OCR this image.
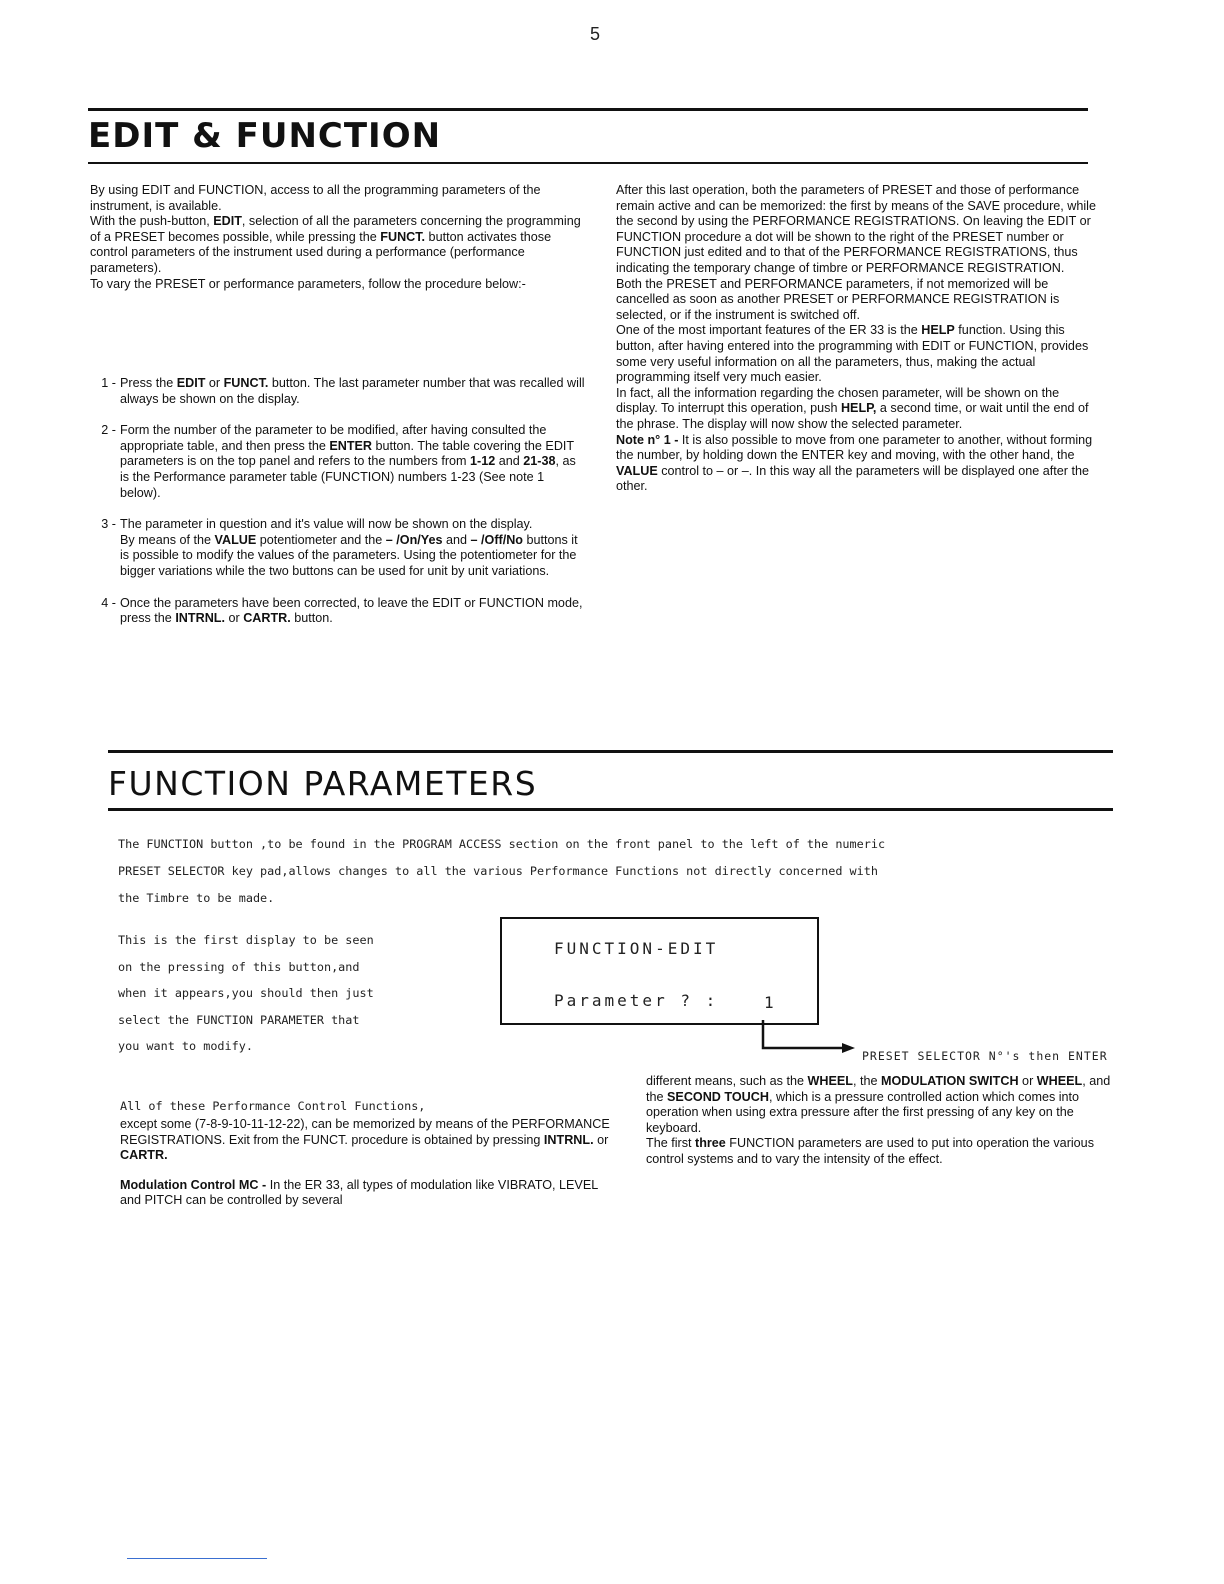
5
EDIT & FUNCTION

By using EDIT and FUNCTION, access to all the programming parameters of the instrument, is available.

With the push-button, EDIT, selection of all the parameters concerning the programming of a PRESET becomes possible, while pressing the FUNCT. button activates those control parameters of the instrument used during a performance (performance parameters).

To vary the PRESET or performance parameters, follow the procedure below:-

1 - Press the EDIT or FUNCT. button. The last parameter number that was recalled will always be shown on the display.
2 - Form the number of the parameter to be modified, after having consulted the appropriate table, and then press the ENTER button. The table covering the EDIT parameters is on the top panel and refers to the numbers from 1-12 and 21-38, as is the Performance parameter table (FUNCTION) numbers 1-23 (See note 1 below).
3 - The parameter in question and it's value will now be shown on the display.
By means of the VALUE potentiometer and the – /On/Yes and – /Off/No buttons it is possible to modify the values of the parameters. Using the potentiometer for the bigger variations while the two buttons can be used for unit by unit variations.
4 - Once the parameters have been corrected, to leave the EDIT or FUNCTION mode, press the INTRNL. or CARTR. button.

After this last operation, both the parameters of PRESET and those of performance remain active and can be memorized: the first by means of the SAVE procedure, while the second by using the PERFORMANCE REGISTRATIONS. On leaving the EDIT or FUNCTION procedure a dot will be shown to the right of the PRESET number or FUNCTION just edited and to that of the PERFORMANCE REGISTRATIONS, thus indicating the temporary change of timbre or PERFORMANCE REGISTRATION.

Both the PRESET and PERFORMANCE parameters, if not memorized will be cancelled as soon as another PRESET or PERFORMANCE REGISTRATION is selected, or if the instrument is switched off.

One of the most important features of the ER 33 is the HELP function. Using this button, after having entered into the programming with EDIT or FUNCTION, provides some very useful information on all the parameters, thus, making the actual programming itself very much easier.

In fact, all the information regarding the chosen parameter, will be shown on the display. To interrupt this operation, push HELP, a second time, or wait until the end of the phrase. The display will now show the selected parameter.

Note n° 1 - It is also possible to move from one parameter to another, without forming the number, by holding down the ENTER key and moving, with the other hand, the VALUE control to – or –. In this way all the parameters will be displayed one after the other.

FUNCTION PARAMETERS

The FUNCTION button ,to be found in the PROGRAM ACCESS section on the front panel to the left of the numeric

PRESET SELECTOR key pad,allows changes to all the various Performance Functions not directly concerned with

the Timbre to be made.

This is the first display to be seen
on the pressing of this button,and
when it appears,you should then just
select the FUNCTION PARAMETER that
you want to modify.
FUNCTION-EDIT
Parameter ? :	1
PRESET SELECTOR N°'s then ENTER
All of these Performance Control Functions,

except some (7-8-9-10-11-12-22), can be memorized by means of the PERFORMANCE REGISTRATIONS. Exit from the FUNCT. procedure is obtained by pressing INTRNL. or CARTR.

Modulation Control MC - In the ER 33, all types of modulation like VIBRATO, LEVEL and PITCH can be controlled by several

different means, such as the WHEEL, the MODULATION SWITCH or WHEEL, and the SECOND TOUCH, which is a pressure controlled action which comes into operation when using extra pressure after the first pressing of any key on the keyboard.

The first three FUNCTION parameters are used to put into operation the various control systems and to vary the intensity of the effect.
